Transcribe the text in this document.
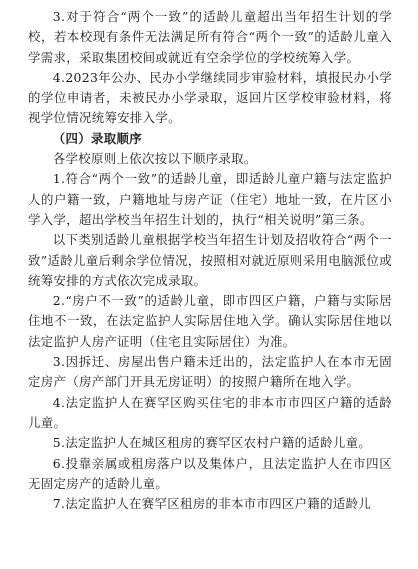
3.对于符合“两个一致”的适龄儿童超出当年招生计划的学校，若本校现有条件无法满足所有符合“两个一致”的适龄儿童入学需求，采取集团校间或就近有空余学位的学校统筹入学。

4.2023年公办、民办小学继续同步审验材料，填报民办小学的学位申请者，未被民办小学录取，返回片区学校审验材料，将视学位情况统筹安排入学。

（四）录取顺序

各学校原则上依次按以下顺序录取。

1.符合“两个一致”的适龄儿童，即适龄儿童户籍与法定监护人的户籍一致，户籍地址与房产证（住宅）地址一致，在片区小学入学，超出学校当年招生计划的，执行“相关说明”第三条。

以下类别适龄儿童根据学校当年招生计划及招收符合“两个一致”适龄儿童后剩余学位情况，按照相对就近原则采用电脑派位或统筹安排的方式依次完成录取。

2.“房户不一致”的适龄儿童，即市四区户籍，户籍与实际居住地不一致，在法定监护人实际居住地入学。确认实际居住地以法定监护人房产证明（住宅且实际居住）为准。

3.因拆迁、房屋出售户籍未迁出的，法定监护人在本市无固定房产（房产部门开具无房证明）的按照户籍所在地入学。

4.法定监护人在赛罕区购买住宅的非本市市四区户籍的适龄儿童。

5.法定监护人在城区租房的赛罕区农村户籍的适龄儿童。

6.投靠亲属或租房落户以及集体户，且法定监护人在市四区无固定房产的适龄儿童。

7.法定监护人在赛罕区租房的非本市市四区户籍的适龄儿
